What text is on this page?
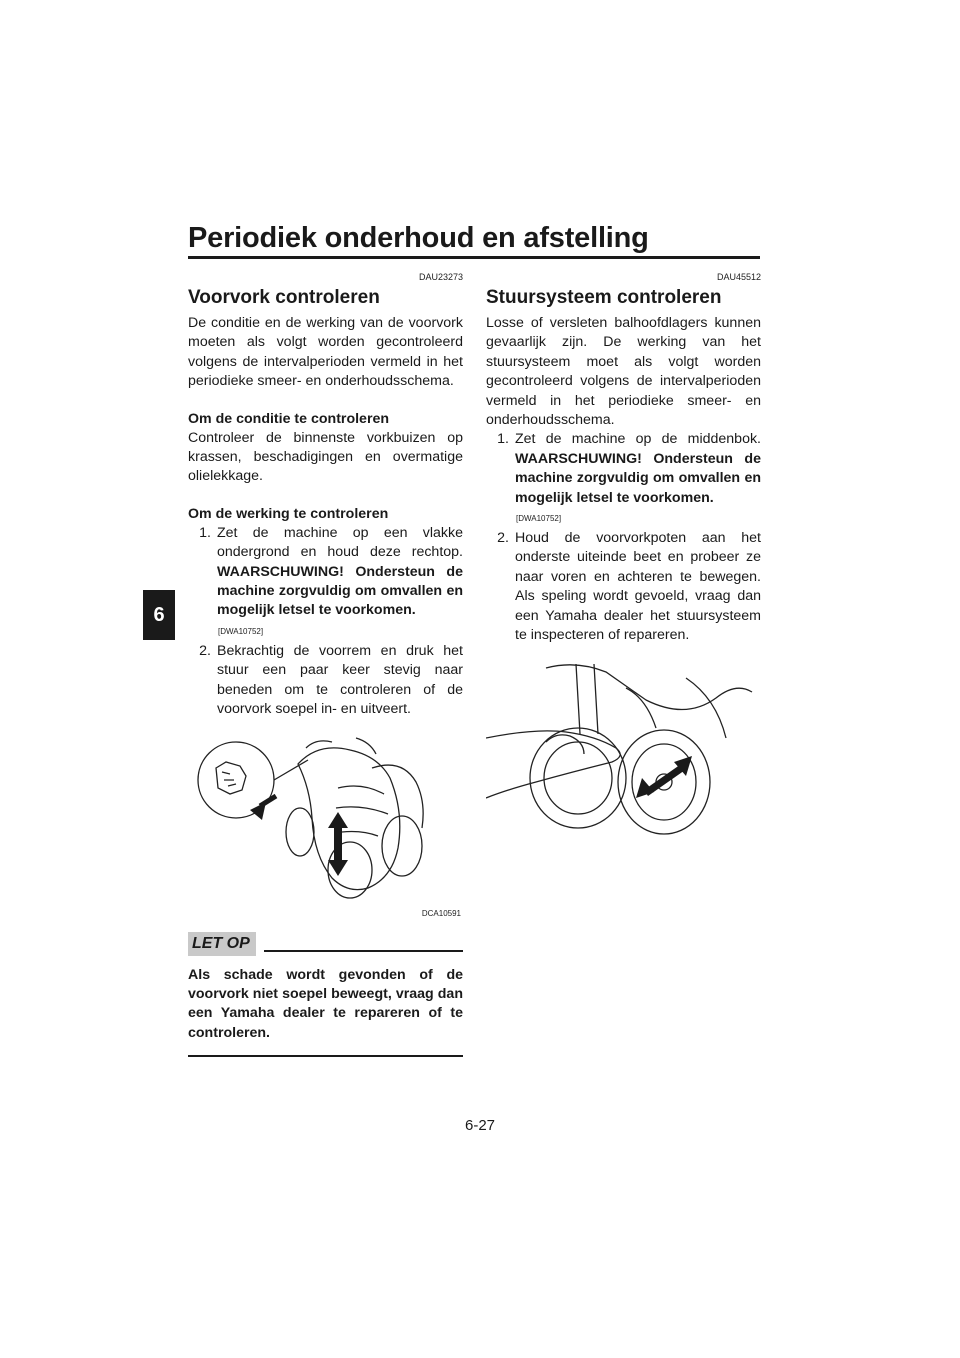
Periodiek onderhoud en afstelling
6

DAU23273

Voorvork controleren

De conditie en de werking van de voorvork moeten als volgt worden gecontroleerd volgens de intervalperioden vermeld in het periodieke smeer- en onderhoudsschema.

Om de conditie te controleren

Controleer de binnenste vorkbuizen op krassen, beschadigingen en overmatige olielekkage.

Om de werking te controleren

1. Zet de machine op een vlakke ondergrond en houd deze rechtop. WAARSCHUWING! Ondersteun de machine zorgvuldig om omvallen en mogelijk letsel te voorkomen.
[DWA10752]
2. Bekrachtig de voorrem en druk het stuur een paar keer stevig naar beneden om te controleren of de voorvork soepel in- en uitveert.
DCA10591
LET OP

Als schade wordt gevonden of de voorvork niet soepel beweegt, vraag dan een Yamaha dealer te repareren of te controleren.

DAU45512

Stuursysteem controleren

Losse of versleten balhoofdlagers kunnen gevaarlijk zijn. De werking van het stuursysteem moet als volgt worden gecontroleerd volgens de intervalperioden vermeld in het periodieke smeer- en onderhoudsschema.

1. Zet de machine op de middenbok. WAARSCHUWING! Ondersteun de machine zorgvuldig om omvallen en mogelijk letsel te voorkomen.
[DWA10752]
2. Houd de voorvorkpoten aan het onderste uiteinde beet en probeer ze naar voren en achteren te bewegen. Als speling wordt gevoeld, vraag dan een Yamaha dealer het stuursysteem te inspecteren of repareren.
6-27
